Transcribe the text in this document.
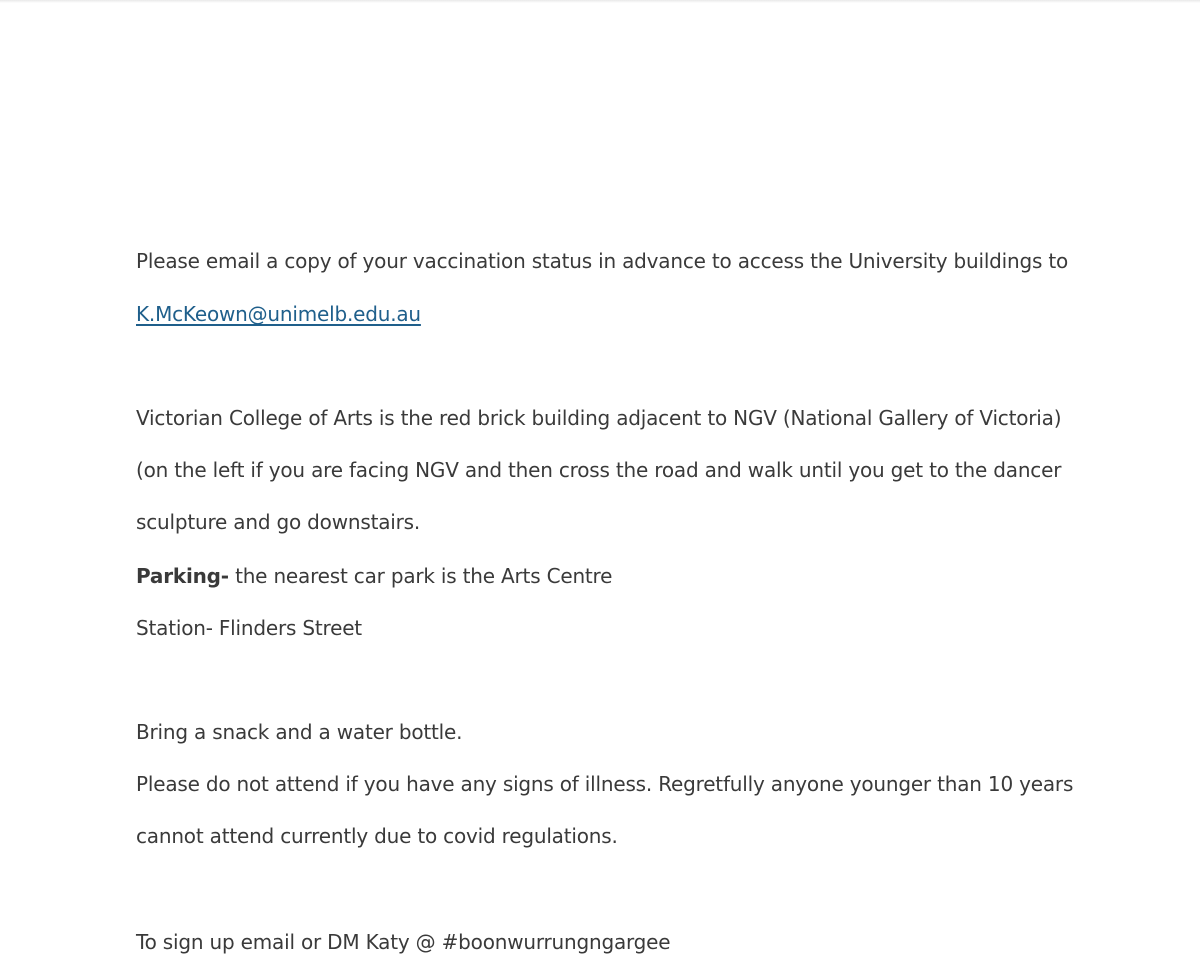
Please email a copy of your vaccination status in advance to access the University buildings to
K.McKeown@unimelb.edu.au
Victorian College of Arts is the red brick building adjacent to NGV (National Gallery of Victoria)
(on the left if you are facing NGV and then cross the road and walk until you get to the dancer
sculpture and go downstairs.
Parking- the nearest car park is the Arts Centre
Station- Flinders Street
Bring a snack and a water bottle.
Please do not attend if you have any signs of illness. Regretfully anyone younger than 10 years
cannot attend currently due to covid regulations.
To sign up email or DM Katy @ #boonwurrungngargee
